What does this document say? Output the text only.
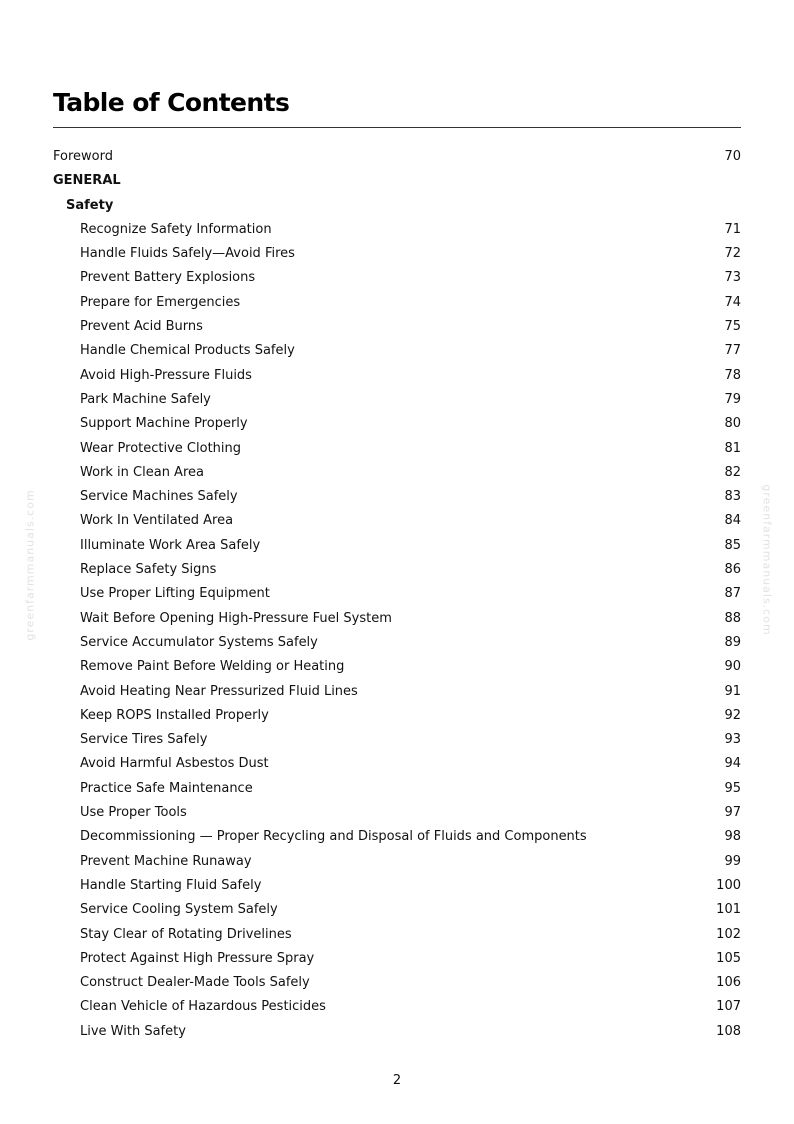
Table of Contents
Foreword	70
GENERAL
Safety
Recognize Safety Information	71
Handle Fluids Safely—Avoid Fires	72
Prevent Battery Explosions	73
Prepare for Emergencies	74
Prevent Acid Burns	75
Handle Chemical Products Safely	77
Avoid High-Pressure Fluids	78
Park Machine Safely	79
Support Machine Properly	80
Wear Protective Clothing	81
Work in Clean Area	82
Service Machines Safely	83
Work In Ventilated Area	84
Illuminate Work Area Safely	85
Replace Safety Signs	86
Use Proper Lifting Equipment	87
Wait Before Opening High-Pressure Fuel System	88
Service Accumulator Systems Safely	89
Remove Paint Before Welding or Heating	90
Avoid Heating Near Pressurized Fluid Lines	91
Keep ROPS Installed Properly	92
Service Tires Safely	93
Avoid Harmful Asbestos Dust	94
Practice Safe Maintenance	95
Use Proper Tools	97
Decommissioning — Proper Recycling and Disposal of Fluids and Components	98
Prevent Machine Runaway	99
Handle Starting Fluid Safely	100
Service Cooling System Safely	101
Stay Clear of Rotating Drivelines	102
Protect Against High Pressure Spray	105
Construct Dealer-Made Tools Safely	106
Clean Vehicle of Hazardous Pesticides	107
Live With Safety	108
greenfarmmanuals.com	greenfarmmanuals.com
2
